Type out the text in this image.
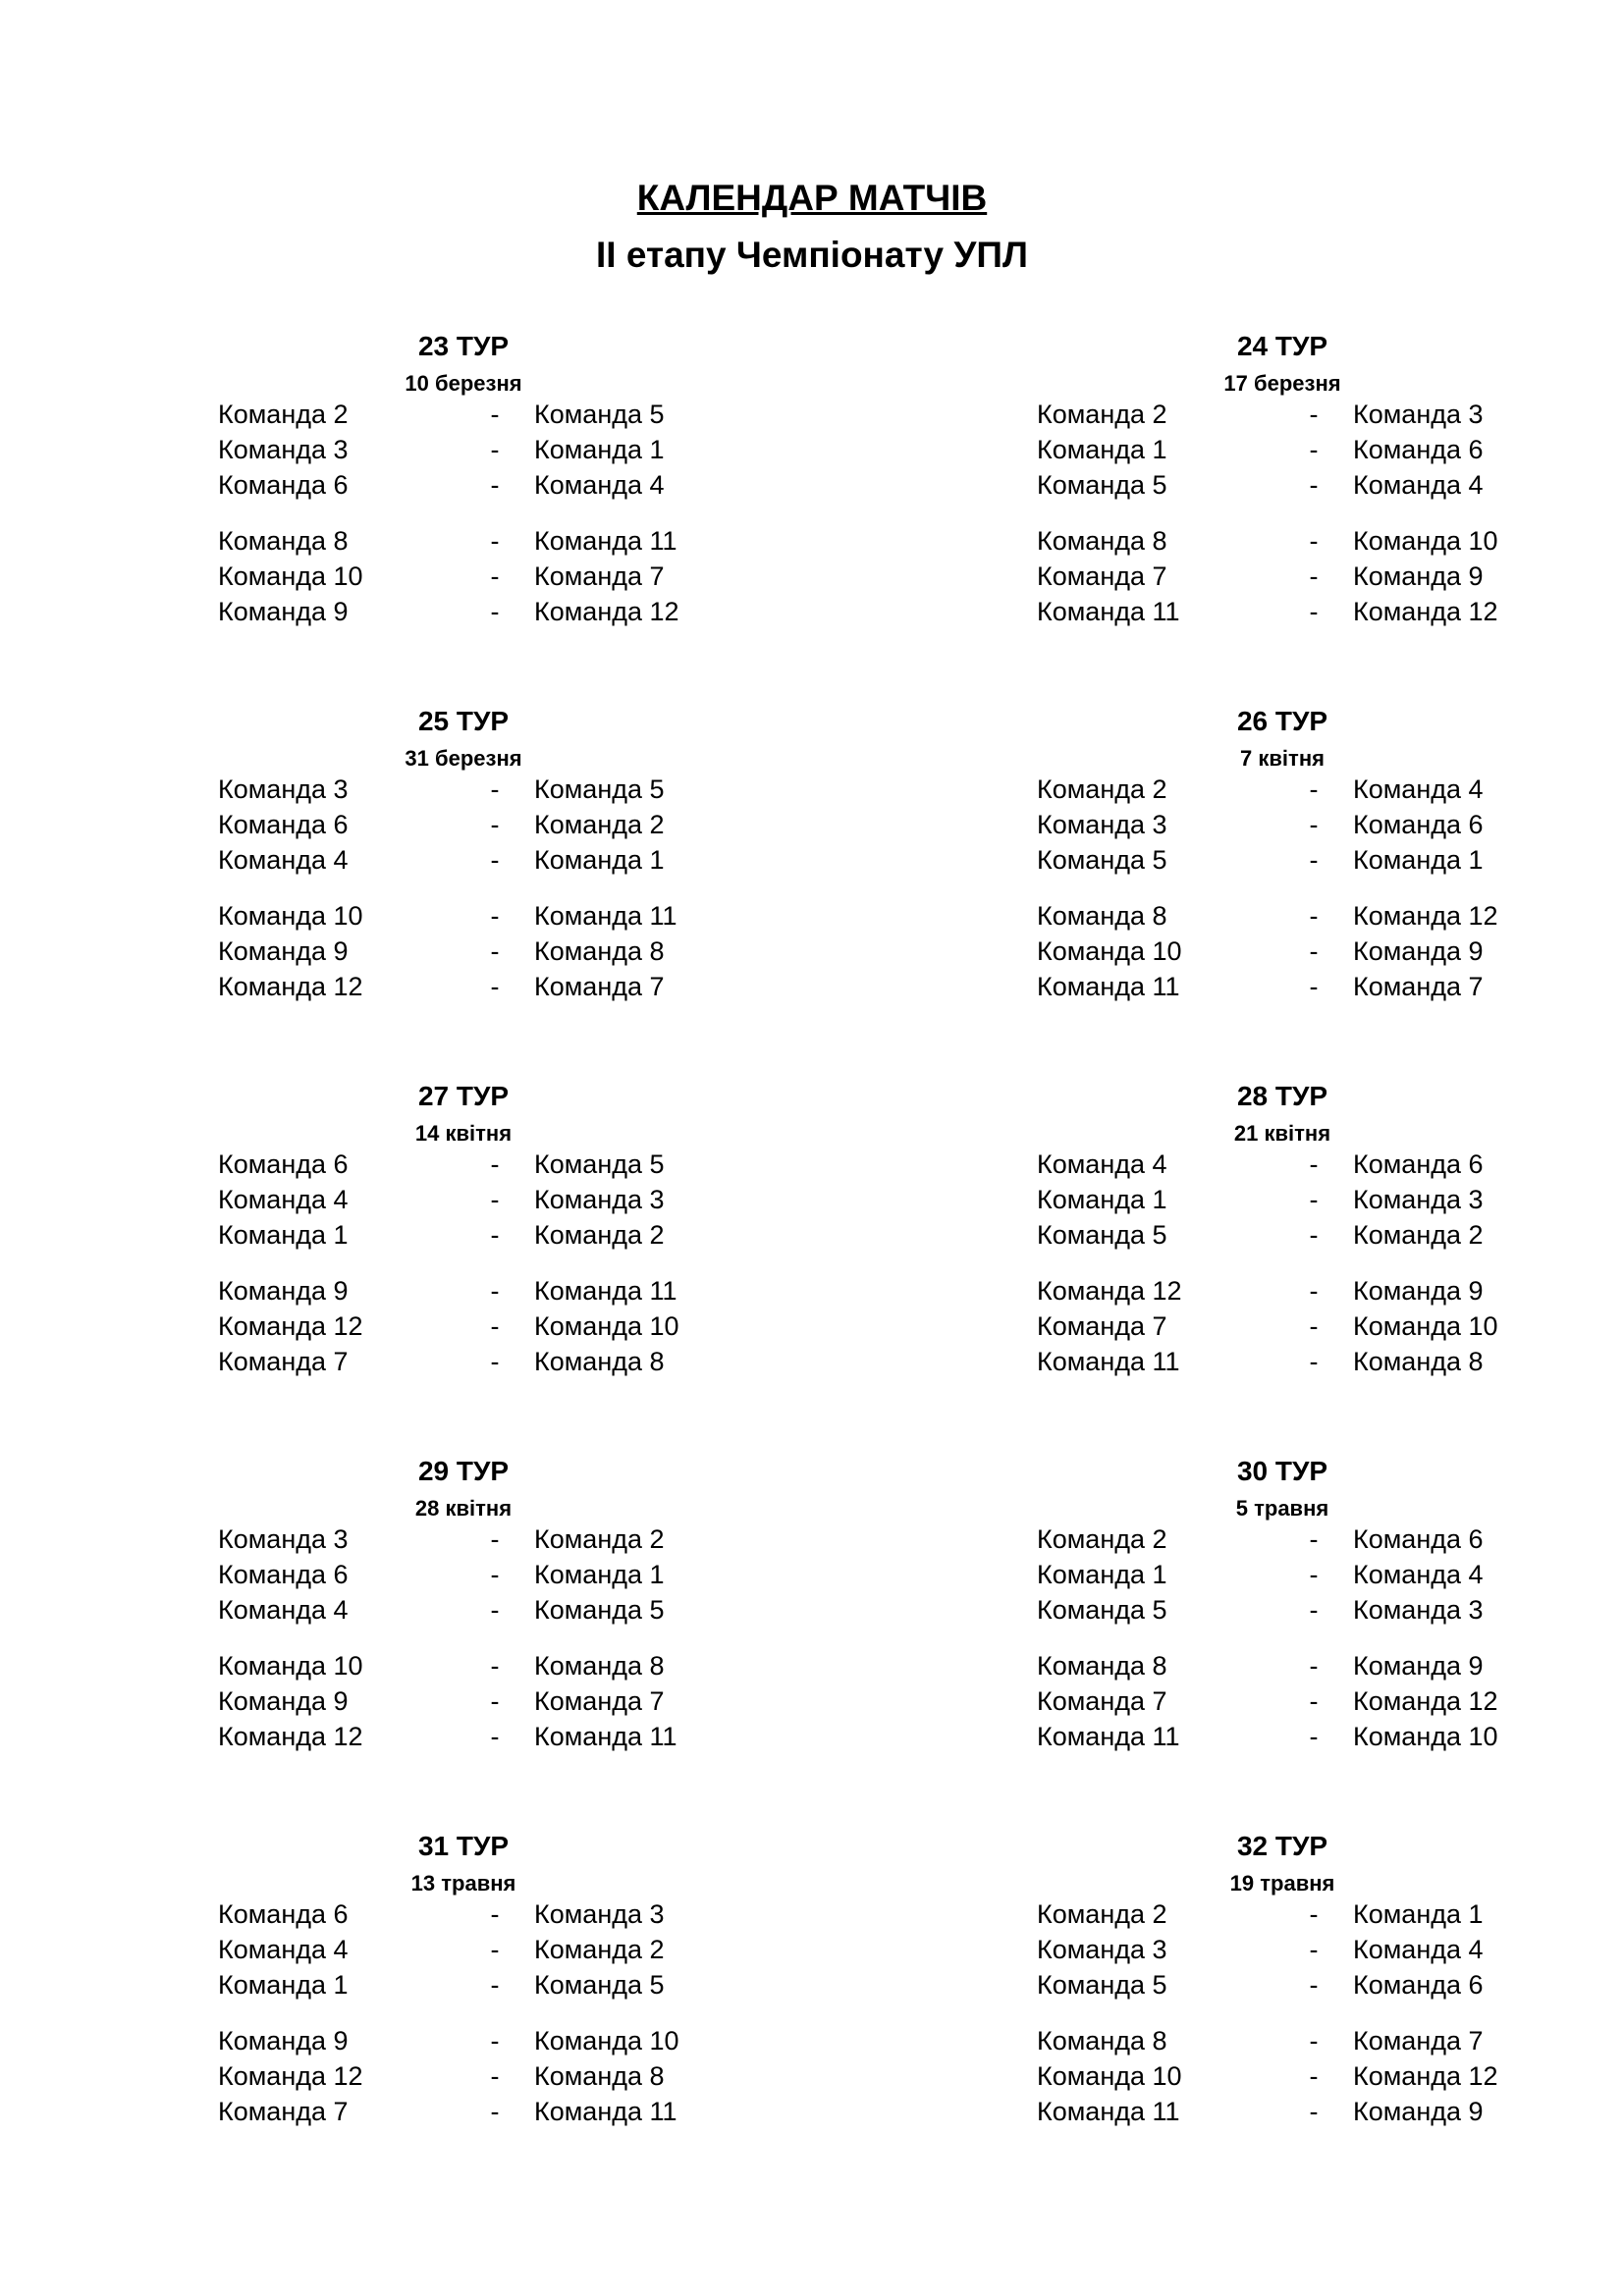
КАЛЕНДАР МАТЧІВ
ІІ етапу Чемпіонату УПЛ
23 ТУР
10 березня
Команда 2	- Команда 5
Команда 3	- Команда 1
Команда 6	- Команда 4
Команда 8	- Команда 11
Команда 10	- Команда 7
Команда 9	- Команда 12
24 ТУР
17 березня
Команда 2	- Команда 3
Команда 1	- Команда 6
Команда 5	- Команда 4
Команда 8	- Команда 10
Команда 7	- Команда 9
Команда 11	- Команда 12
25 ТУР
31 березня
Команда 3	- Команда 5
Команда 6	- Команда 2
Команда 4	- Команда 1
Команда 10	- Команда 11
Команда 9	- Команда 8
Команда 12	- Команда 7
26 ТУР
7 квітня
Команда 2	- Команда 4
Команда 3	- Команда 6
Команда 5	- Команда 1
Команда 8	- Команда 12
Команда 10	- Команда 9
Команда 11	- Команда 7
27 ТУР
14 квітня
Команда 6	- Команда 5
Команда 4	- Команда 3
Команда 1	- Команда 2
Команда 9	- Команда 11
Команда 12	- Команда 10
Команда 7	- Команда 8
28 ТУР
21 квітня
Команда 4	- Команда 6
Команда 1	- Команда 3
Команда 5	- Команда 2
Команда 12	- Команда 9
Команда 7	- Команда 10
Команда 11	- Команда 8
29 ТУР
28 квітня
Команда 3	- Команда 2
Команда 6	- Команда 1
Команда 4	- Команда 5
Команда 10	- Команда 8
Команда 9	- Команда 7
Команда 12	- Команда 11
30 ТУР
5 травня
Команда 2	- Команда 6
Команда 1	- Команда 4
Команда 5	- Команда 3
Команда 8	- Команда 9
Команда 7	- Команда 12
Команда 11	- Команда 10
31 ТУР
13 травня
Команда 6	- Команда 3
Команда 4	- Команда 2
Команда 1	- Команда 5
Команда 9	- Команда 10
Команда 12	- Команда 8
Команда 7	- Команда 11
32 ТУР
19 травня
Команда 2	- Команда 1
Команда 3	- Команда 4
Команда 5	- Команда 6
Команда 8	- Команда 7
Команда 10	- Команда 12
Команда 11	- Команда 9
